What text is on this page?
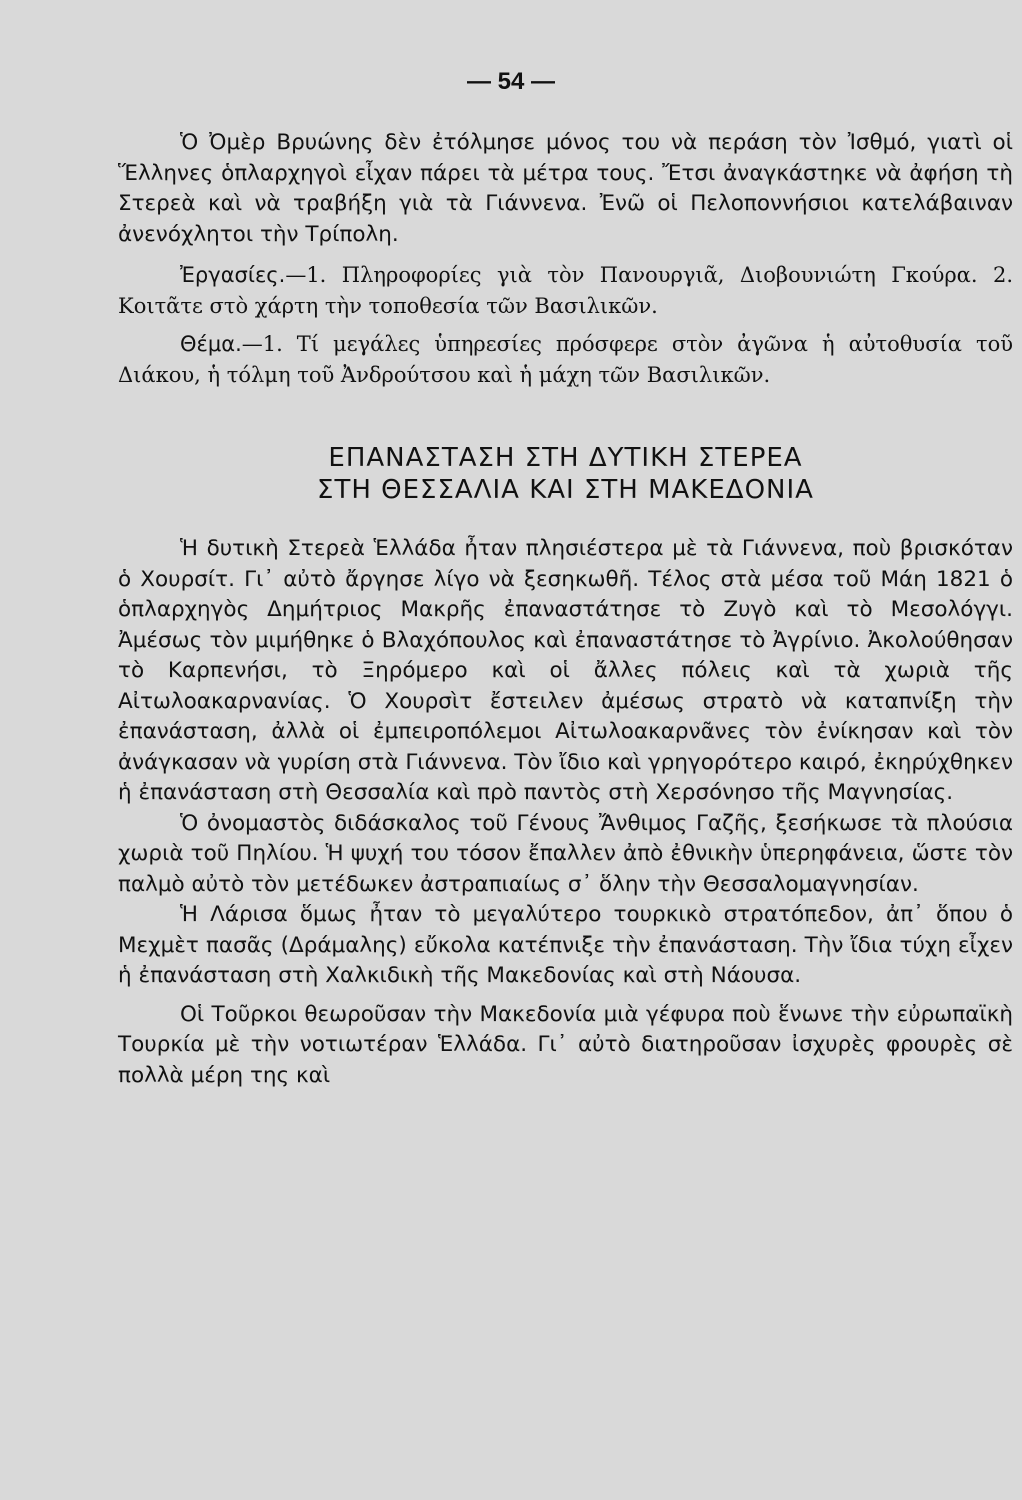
— 54 —

Ὁ Ὀμὲρ Βρυώνης δὲν ἐτόλμησε μόνος του νὰ περάση τὸν Ἰσθμό, γιατὶ οἱ Ἕλληνες ὁπλαρχηγοὶ εἶχαν πάρει τὰ μέτρα τους. Ἔτσι ἀναγκάστηκε νὰ ἀφήση τὴ Στερεὰ καὶ νὰ τραβήξη γιὰ τὰ Γιάννενα. Ἐνῶ οἱ Πελοποννήσιοι κατελάβαιναν ἀνενόχλητοι τὴν Τρίπολη.

Ἐργασίες.—1. Πληροφορίες γιὰ τὸν Πανουργιᾶ, Διοβουνιώτη Γκούρα. 2. Κοιτᾶτε στὸ χάρτη τὴν τοποθεσία τῶν Βασιλικῶν.

Θέμα.—1. Τί μεγάλες ὑπηρεσίες πρόσφερε στὸν ἀγῶνα ἡ αὐτοθυσία τοῦ Διάκου, ἡ τόλμη τοῦ Ἀνδρούτσου καὶ ἡ μάχη τῶν Βασιλικῶν.

ΕΠΑΝΑΣΤΑΣΗ ΣΤΗ ΔΥΤΙΚΗ ΣΤΕΡΕΑ
ΣΤΗ ΘΕΣΣΑΛΙΑ ΚΑΙ ΣΤΗ ΜΑΚΕΔΟΝΙΑ

Ἡ δυτικὴ Στερεὰ Ἑλλάδα ἦταν πλησιέστερα μὲ τὰ Γιάννενα, ποὺ βρισκόταν ὁ Χουρσίτ. Γι᾿ αὐτὸ ἄργησε λίγο νὰ ξεσηκωθῆ. Τέλος στὰ μέσα τοῦ Μάη 1821 ὁ ὁπλαρχηγὸς Δημήτριος Μακρῆς ἐπαναστάτησε τὸ Ζυγὸ καὶ τὸ Μεσολόγγι. Ἀμέσως τὸν μιμήθηκε ὁ Βλαχόπουλος καὶ ἐπαναστάτησε τὸ Ἀγρίνιο. Ἀκολούθησαν τὸ Καρπενήσι, τὸ Ξηρόμερο καὶ οἱ ἄλλες πόλεις καὶ τὰ χωριὰ τῆς Αἰτωλοακαρνανίας. Ὁ Χουρσὶτ ἔστειλεν ἀμέσως στρατὸ νὰ καταπνίξη τὴν ἐπανάσταση, ἀλλὰ οἱ ἐμπειροπόλεμοι Αἰτωλοακαρνᾶνες τὸν ἐνίκησαν καὶ τὸν ἀνάγκασαν νὰ γυρίση στὰ Γιάννενα. Τὸν ἴδιο καὶ γρηγορότερο καιρό, ἐκηρύχθηκεν ἡ ἐπανάσταση στὴ Θεσσαλία καὶ πρὸ παντὸς στὴ Χερσόνησο τῆς Μαγνησίας.

Ὁ ὀνομαστὸς διδάσκαλος τοῦ Γένους Ἄνθιμος Γαζῆς, ξεσήκωσε τὰ πλούσια χωριὰ τοῦ Πηλίου. Ἡ ψυχή του τόσον ἔπαλλεν ἀπὸ ἐθνικὴν ὑπερηφάνεια, ὥστε τὸν παλμὸ αὐτὸ τὸν μετέδωκεν ἀστραπιαίως σ᾿ ὅλην τὴν Θεσσαλομαγνησίαν.

Ἡ Λάρισα ὅμως ἦταν τὸ μεγαλύτερο τουρκικὸ στρατόπεδον, ἀπ᾿ ὅπου ὁ Μεχμὲτ πασᾶς (Δράμαλης) εὔκολα κατέπνιξε τὴν ἐπανάσταση. Τὴν ἴδια τύχη εἶχεν ἡ ἐπανάσταση στὴ Χαλκιδικὴ τῆς Μακεδονίας καὶ στὴ Νάουσα.

Οἱ Τοῦρκοι θεωροῦσαν τὴν Μακεδονία μιὰ γέφυρα ποὺ ἕνωνε τὴν εὐρωπαϊκὴ Τουρκία μὲ τὴν νοτιωτέραν Ἑλλάδα. Γι᾿ αὐτὸ διατηροῦσαν ἰσχυρὲς φρουρὲς σὲ πολλὰ μέρη της καὶ
